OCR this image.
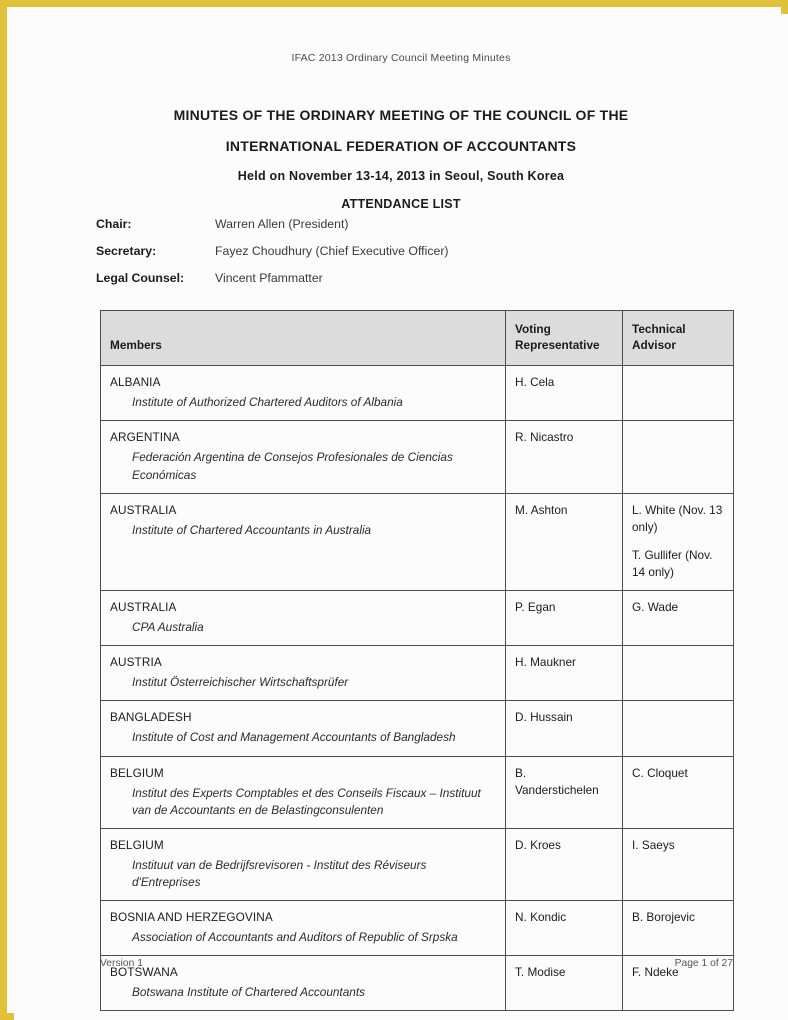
IFAC 2013 Ordinary Council Meeting Minutes
MINUTES OF THE ORDINARY MEETING OF THE COUNCIL OF THE
INTERNATIONAL FEDERATION OF ACCOUNTANTS
Held on November 13-14, 2013 in Seoul, South Korea
ATTENDANCE LIST
Chair:	Warren Allen (President)
Secretary:	Fayez Choudhury (Chief Executive Officer)
Legal Counsel:	Vincent Pfammatter
Members	Voting Representative	Technical Advisor

ALBANIA
Institute of Authorized Chartered Auditors of Albania	H. Cela	

ARGENTINA
Federación Argentina de Consejos Profesionales de Ciencias Económicas	R. Nicastro	

AUSTRALIA
Institute of Chartered Accountants in Australia	M. Ashton	L. White (Nov. 13 only)
T. Gullifer (Nov. 14 only)

AUSTRALIA
CPA Australia	P. Egan	G. Wade

AUSTRIA
Institut Österreichischer Wirtschaftsprüfer	H. Maukner	

BANGLADESH
Institute of Cost and Management Accountants of Bangladesh	D. Hussain	

BELGIUM
Institut des Experts Comptables et des Conseils Fiscaux – Instituut van de Accountants en de Belastingconsulenten	B. Vanderstichelen	C. Cloquet

BELGIUM
Instituut van de Bedrijfsrevisoren - Institut des Réviseurs d'Entreprises	D. Kroes	I. Saeys

BOSNIA AND HERZEGOVINA
Association of Accountants and Auditors of Republic of Srpska	N. Kondic	B. Borojevic

BOTSWANA
Botswana Institute of Chartered Accountants	T. Modise	F. Ndeke
Version 1	Page 1 of 27
